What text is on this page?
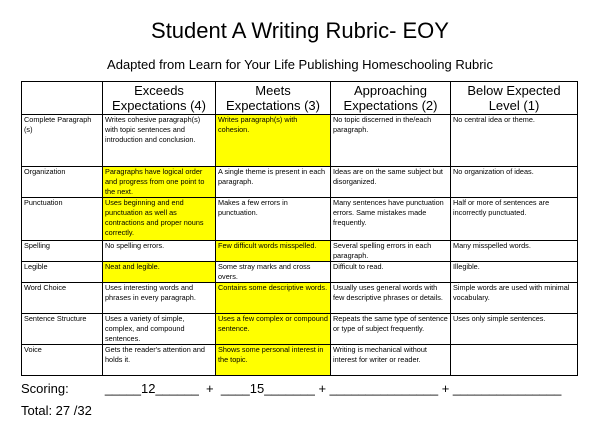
Student A Writing Rubric- EOY
Adapted from Learn for Your Life Publishing Homeschooling Rubric
	Exceeds Expectations (4)	Meets Expectations (3)	Approaching Expectations (2)	Below Expected Level (1)
Complete Paragraph (s)	Writes cohesive paragraph(s) with topic sentences and introduction and conclusion.	Writes paragraph(s) with cohesion.	No topic discerned in the/each paragraph.	No central idea or theme.
Organization	Paragraphs have logical order and progress from one point to the next.	A single theme is present in each paragraph.	Ideas are on the same subject but disorganized.	No organization of ideas.
Punctuation	Uses beginning and end punctuation as well as contractions and proper nouns correctly.	Makes a few errors in punctuation.	Many sentences have punctuation errors. Same mistakes made frequently.	Half or more of sentences are incorrectly punctuated.
Spelling	No spelling errors.	Few difficult words misspelled.	Several spelling errors in each paragraph.	Many misspelled words.
Legible	Neat and legible.	Some stray marks and cross overs.	Difficult to read.	Illegible.
Word Choice	Uses interesting words and phrases in every paragraph.	Contains some descriptive words.	Usually uses general words with few descriptive phrases or details.	Simple words are used with minimal vocabulary.
Sentence Structure	Uses a variety of simple, complex, and compound sentences.	Uses a few complex or compound sentence.	Repeats the same type of sentence or type of subject frequently.	Uses only simple sentences.
Voice	Gets the reader's attention and holds it.	Shows some personal interest in the topic.	Writing is mechanical without interest for writer or reader.	
Scoring:	_____12______  +  ____15_______ + _______________ + _______________
Total: 27 /32
